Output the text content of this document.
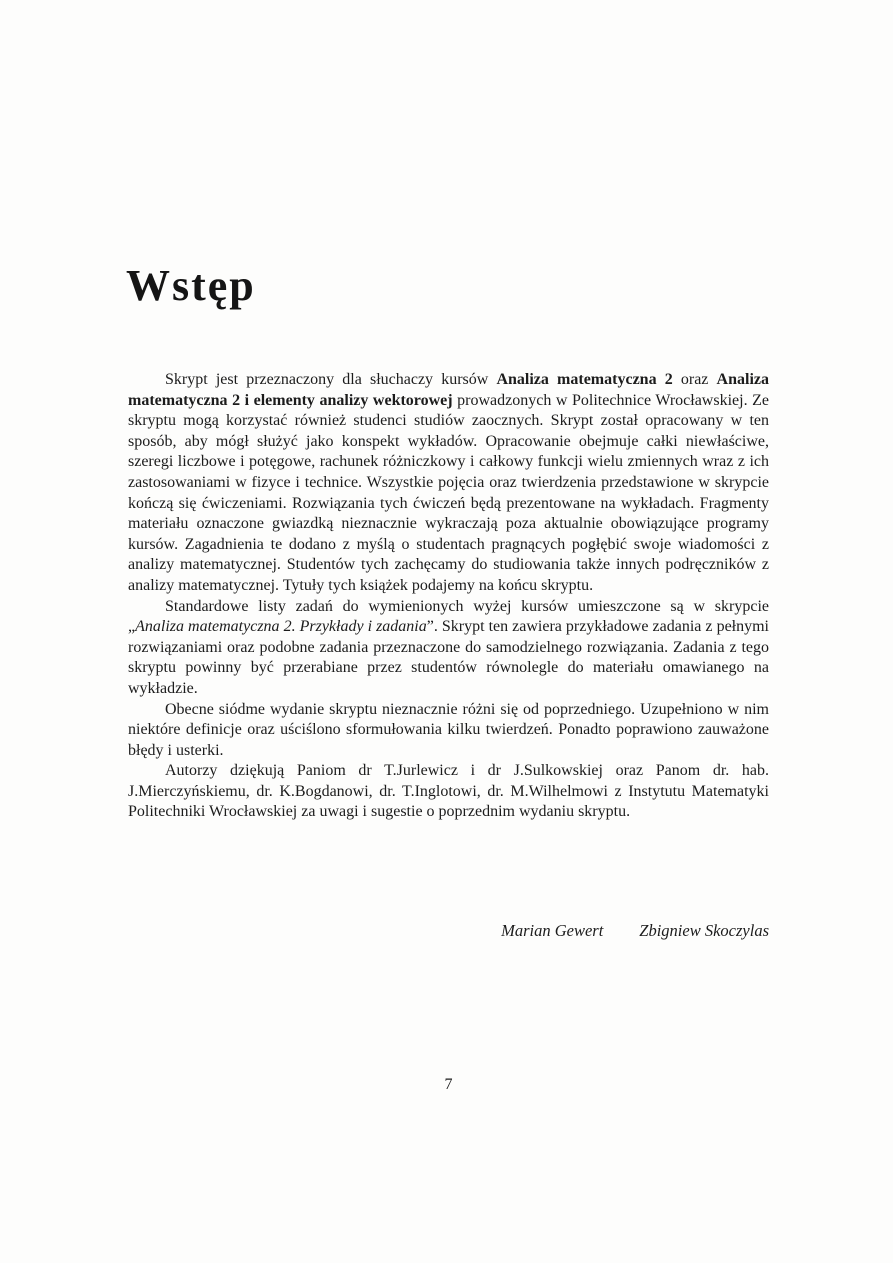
Wstęp

Skrypt jest przeznaczony dla słuchaczy kursów Analiza matematyczna 2 oraz Analiza matematyczna 2 i elementy analizy wektorowej prowadzonych w Politechnice Wrocławskiej. Ze skryptu mogą korzystać również studenci studiów zaocznych. Skrypt został opracowany w ten sposób, aby mógł służyć jako konspekt wykładów. Opracowanie obejmuje całki niewłaściwe, szeregi liczbowe i potęgowe, rachunek różniczkowy i całkowy funkcji wielu zmiennych wraz z ich zastosowaniami w fizyce i technice. Wszystkie pojęcia oraz twierdzenia przedstawione w skrypcie kończą się ćwiczeniami. Rozwiązania tych ćwiczeń będą prezentowane na wykładach. Fragmenty materiału oznaczone gwiazdką nieznacznie wykraczają poza aktualnie obowiązujące programy kursów. Zagadnienia te dodano z myślą o studentach pragnących pogłębić swoje wiadomości z analizy matematycznej. Studentów tych zachęcamy do studiowania także innych podręczników z analizy matematycznej. Tytuły tych książek podajemy na końcu skryptu.

Standardowe listy zadań do wymienionych wyżej kursów umieszczone są w skrypcie „Analiza matematyczna 2. Przykłady i zadania”. Skrypt ten zawiera przykładowe zadania z pełnymi rozwiązaniami oraz podobne zadania przeznaczone do samodzielnego rozwiązania. Zadania z tego skryptu powinny być przerabiane przez studentów równolegle do materiału omawianego na wykładzie.

Obecne siódme wydanie skryptu nieznacznie różni się od poprzedniego. Uzupełniono w nim niektóre definicje oraz uściślono sformułowania kilku twierdzeń. Ponadto poprawiono zauważone błędy i usterki.

Autorzy dziękują Paniom dr T.Jurlewicz i dr J.Sulkowskiej oraz Panom dr. hab. J.Mierczyńskiemu, dr. K.Bogdanowi, dr. T.Inglotowi, dr. M.Wilhelmowi z Instytutu Matematyki Politechniki Wrocławskiej za uwagi i sugestie o poprzednim wydaniu skryptu.

Marian Gewert Zbigniew Skoczylas
7
